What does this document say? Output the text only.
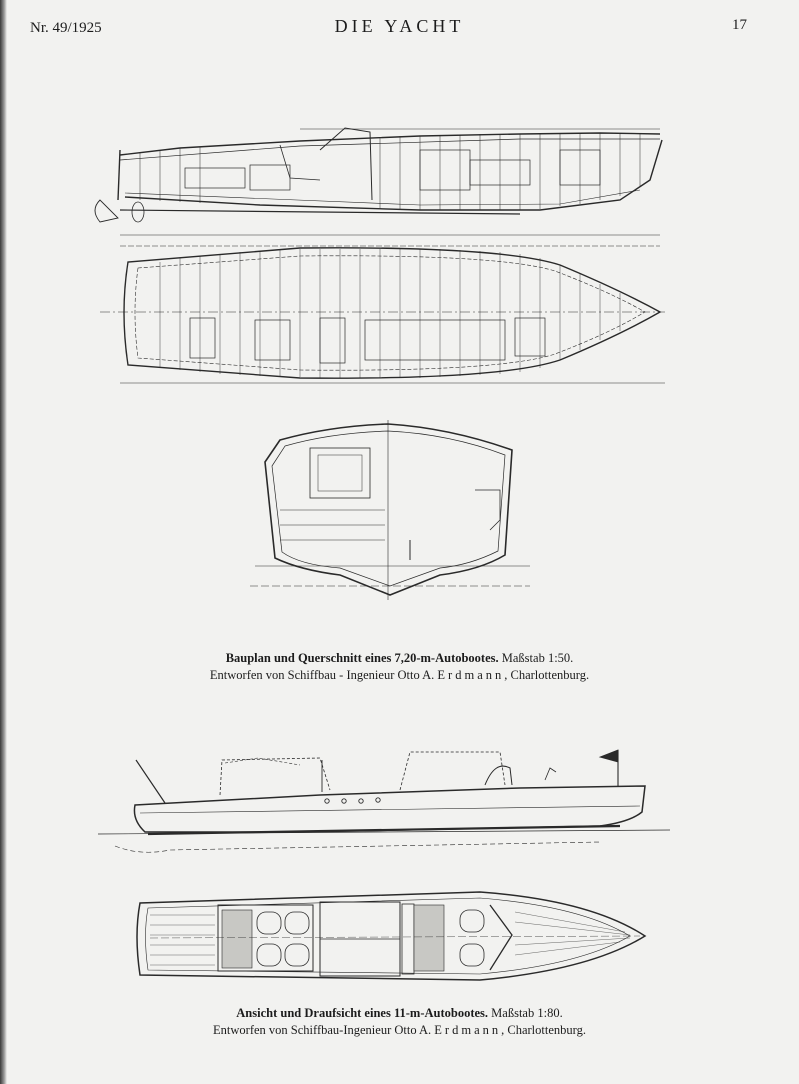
Nr. 49/1925	DIE YACHT	17
Bauplan und Querschnitt eines 7,20-m-Autobootes. Maßstab 1:50.
Entworfen von Schiffbau - Ingenieur Otto A. Erdmann, Charlottenburg.
Ansicht und Draufsicht eines 11-m-Autobootes. Maßstab 1:80.
Entworfen von Schiffbau-Ingenieur Otto A. Erdmann, Charlottenburg.
